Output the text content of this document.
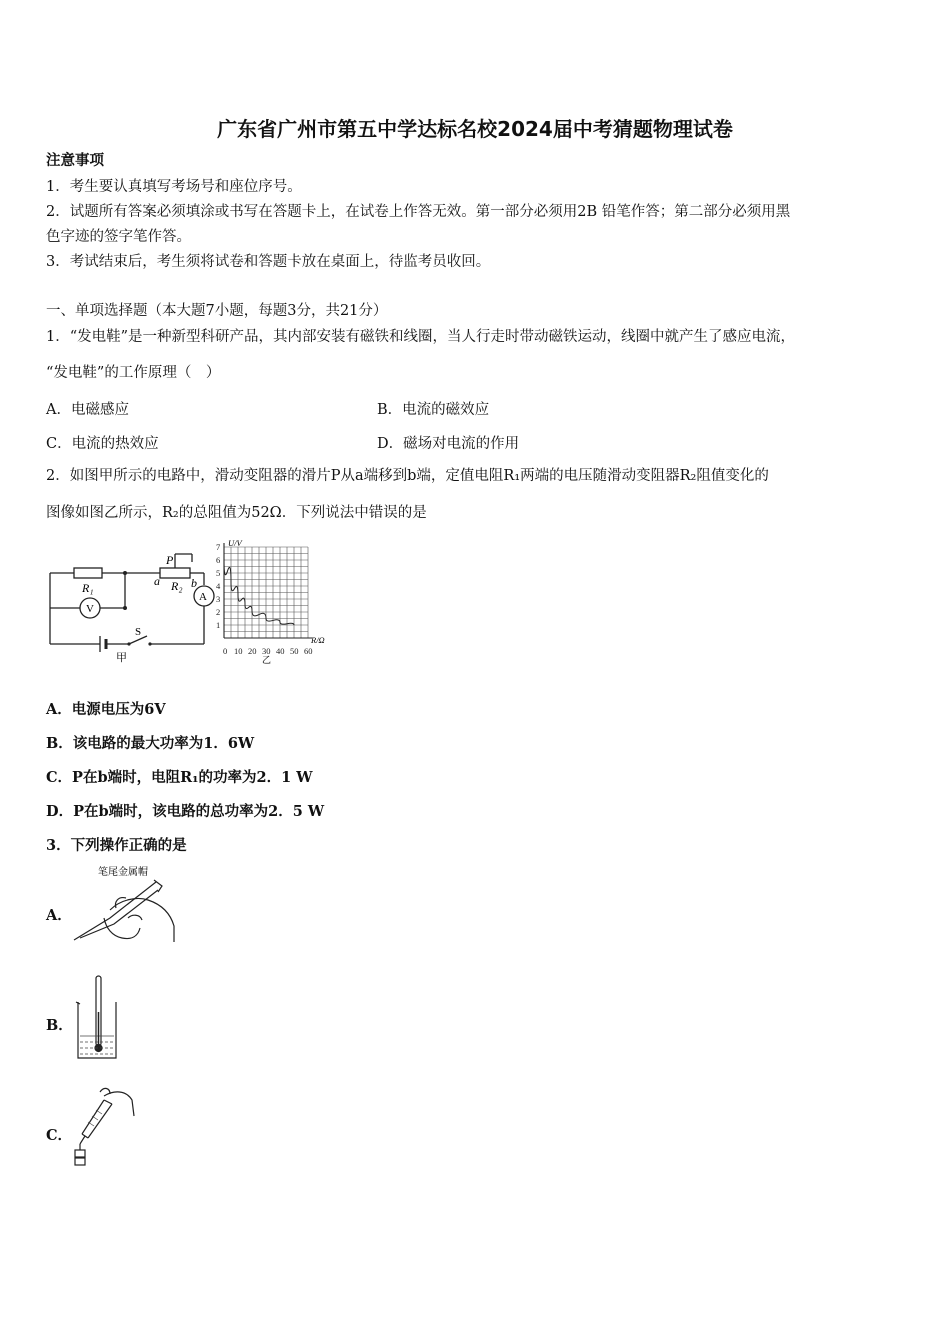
广东省广州市第五中学达标名校2024届中考猜题物理试卷
注意事项
1．考生要认真填写考场号和座位序号。
2．试题所有答案必须填涂或书写在答题卡上，在试卷上作答无效。第一部分必须用2B 铅笔作答；第二部分必须用黑
色字迹的签字笔作答。
3．考试结束后，考生须将试卷和答题卡放在桌面上，待监考员收回。
一、单项选择题（本大题7小题，每题3分，共21分）
1．“发电鞋”是一种新型科研产品，其内部安装有磁铁和线圈，当人行走时带动磁铁运动，线圈中就产生了感应电流，
“发电鞋”的工作原理（　）
A．电磁感应	B．电流的磁效应
C．电流的热效应	D．磁场对电流的作用
2．如图甲所示的电路中，滑动变阻器的滑片P从a端移到b端，定值电阻R₁两端的电压随滑动变阻器R₂阻值变化的
图像如图乙所示，R₂的总阻值为52Ω．下列说法中错误的是
R₁	R₂
P
a	b
A
V
S
甲
0 10 20 30 40 50 60
1
2
3
4
5
6
7 U/V
R/Ω
乙
A．电源电压为6V
B．该电路的最大功率为1．6W
C．P在b端时，电阻R₁的功率为2．1 W
D．P在b端时，该电路的总功率为2．5 W
3．下列操作正确的是
A．
笔尾金属帽
B．
C．
